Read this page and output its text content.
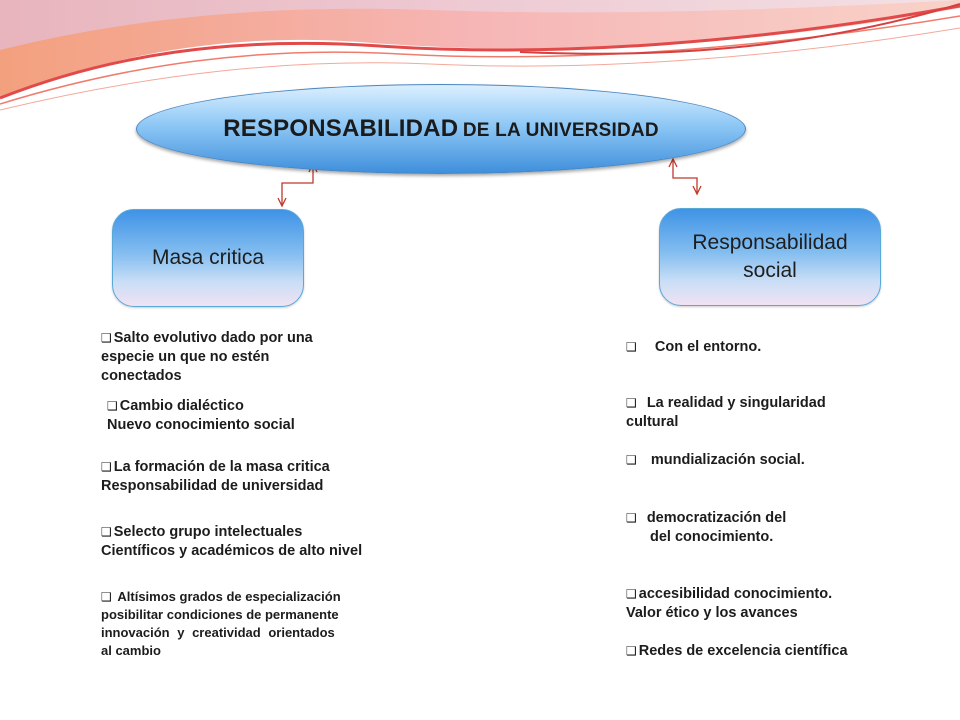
RESPONSABILIDAD DE LA UNIVERSIDAD
Masa critica
Responsabilidad
social
❑ Salto evolutivo dado por una
especie un que no estén
conectados
❑ Cambio dialéctico
Nuevo conocimiento social
❑ La formación de la masa critica
Responsabilidad de universidad
❑ Selecto grupo intelectuales
Científicos y académicos de alto nivel
❑ Altísimos grados de especialización
posibilitar condiciones de permanente
innovación y creatividad orientados
al cambio
❑ Con el entorno.
❑ La realidad y singularidad
cultural
❑ mundialización social.
❑ democratización del
del conocimiento.
❑ accesibilidad conocimiento.
Valor ético y los avances
❑ Redes de excelencia científica
